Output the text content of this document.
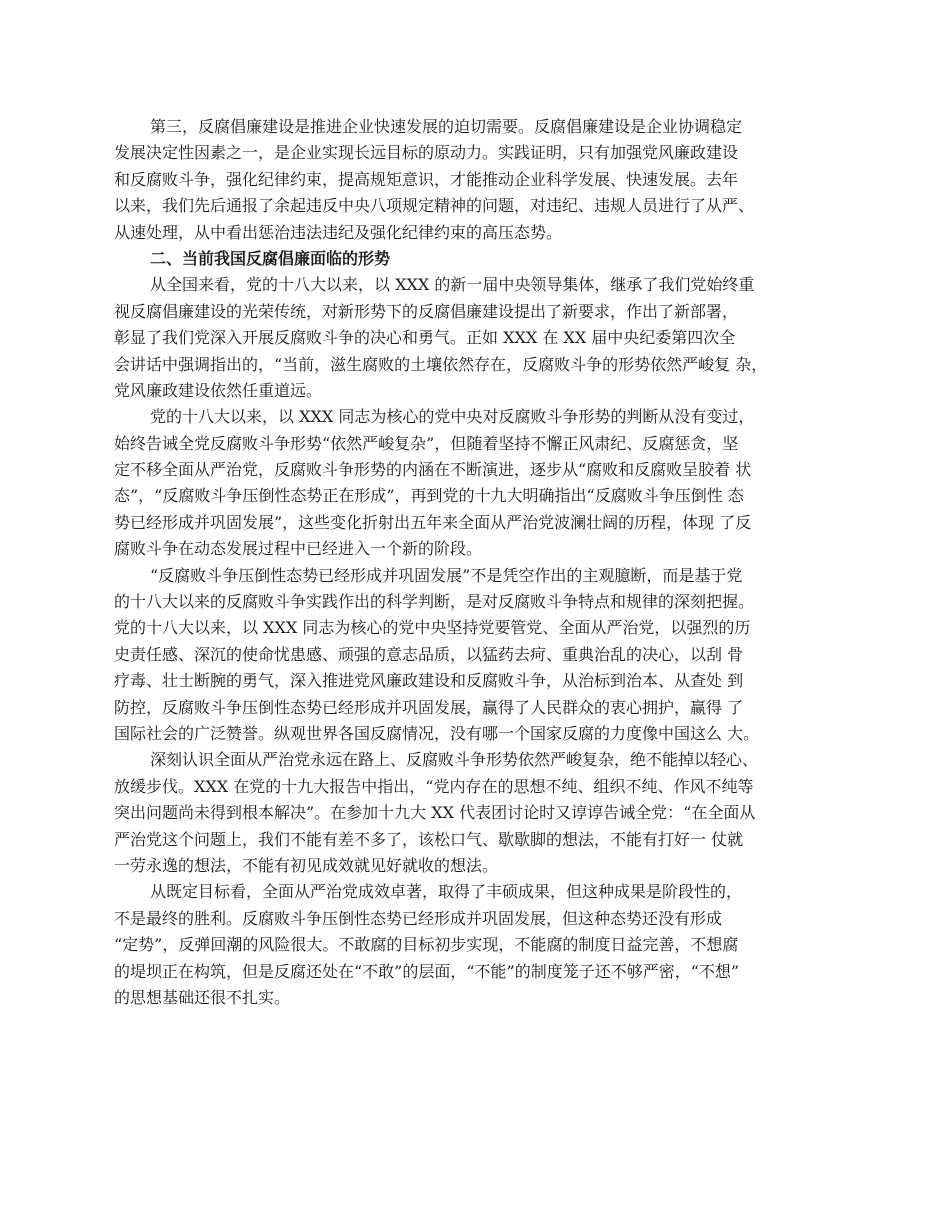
第三，反腐倡廉建设是推进企业快速发展的迫切需要。反腐倡廉建设是企业协调稳定
发展决定性因素之一，是企业实现长远目标的原动力。实践证明，只有加强党风廉政建设
和反腐败斗争，强化纪律约束，提高规矩意识，才能推动企业科学发展、快速发展。去年
以来，我们先后通报了余起违反中央八项规定精神的问题，对违纪、违规人员进行了从严、
从速处理，从中看出惩治违法违纪及强化纪律约束的高压态势。
二、当前我国反腐倡廉面临的形势
从全国来看，党的十八大以来，以 XXX 的新一届中央领导集体，继承了我们党始终重
视反腐倡廉建设的光荣传统，对新形势下的反腐倡廉建设提出了新要求，作出了新部署，
彰显了我们党深入开展反腐败斗争的决心和勇气。正如 XXX 在 XX 届中央纪委第四次全
会讲话中强调指出的，“当前，滋生腐败的土壤依然存在，反腐败斗争的形势依然严峻复 杂，
党风廉政建设依然任重道远。
党的十八大以来，以 XXX 同志为核心的党中央对反腐败斗争形势的判断从没有变过，
始终告诫全党反腐败斗争形势“依然严峻复杂”，但随着坚持不懈正风肃纪、反腐惩贪，坚
定不移全面从严治党，反腐败斗争形势的内涵在不断演进，逐步从“腐败和反腐败呈胶着 状
态”，“反腐败斗争压倒性态势正在形成”，再到党的十九大明确指出“反腐败斗争压倒性 态
势已经形成并巩固发展”，这些变化折射出五年来全面从严治党波澜壮阔的历程，体现 了反
腐败斗争在动态发展过程中已经进入一个新的阶段。
“反腐败斗争压倒性态势已经形成并巩固发展”不是凭空作出的主观臆断，而是基于党
的十八大以来的反腐败斗争实践作出的科学判断，是对反腐败斗争特点和规律的深刻把握。
党的十八大以来，以 XXX 同志为核心的党中央坚持党要管党、全面从严治党，以强烈的历
史责任感、深沉的使命忧患感、顽强的意志品质，以猛药去疴、重典治乱的决心，以刮 骨
疗毒、壮士断腕的勇气，深入推进党风廉政建设和反腐败斗争，从治标到治本、从查处 到
防控，反腐败斗争压倒性态势已经形成并巩固发展，赢得了人民群众的衷心拥护，赢得 了
国际社会的广泛赞誉。纵观世界各国反腐情况，没有哪一个国家反腐的力度像中国这么 大。
深刻认识全面从严治党永远在路上、反腐败斗争形势依然严峻复杂，绝不能掉以轻心、
放缓步伐。XXX 在党的十九大报告中指出，“党内存在的思想不纯、组织不纯、作风不纯等
突出问题尚未得到根本解决”。在参加十九大 XX 代表团讨论时又谆谆告诫全党：“在全面从
严治党这个问题上，我们不能有差不多了，该松口气、歇歇脚的想法，不能有打好一 仗就
一劳永逸的想法，不能有初见成效就见好就收的想法。
从既定目标看，全面从严治党成效卓著，取得了丰硕成果，但这种成果是阶段性的，
不是最终的胜利。反腐败斗争压倒性态势已经形成并巩固发展，但这种态势还没有形成
“定势”，反弹回潮的风险很大。不敢腐的目标初步实现，不能腐的制度日益完善，不想腐
的堤坝正在构筑，但是反腐还处在“不敢”的层面，“不能”的制度笼子还不够严密，“不想”
的思想基础还很不扎实。
